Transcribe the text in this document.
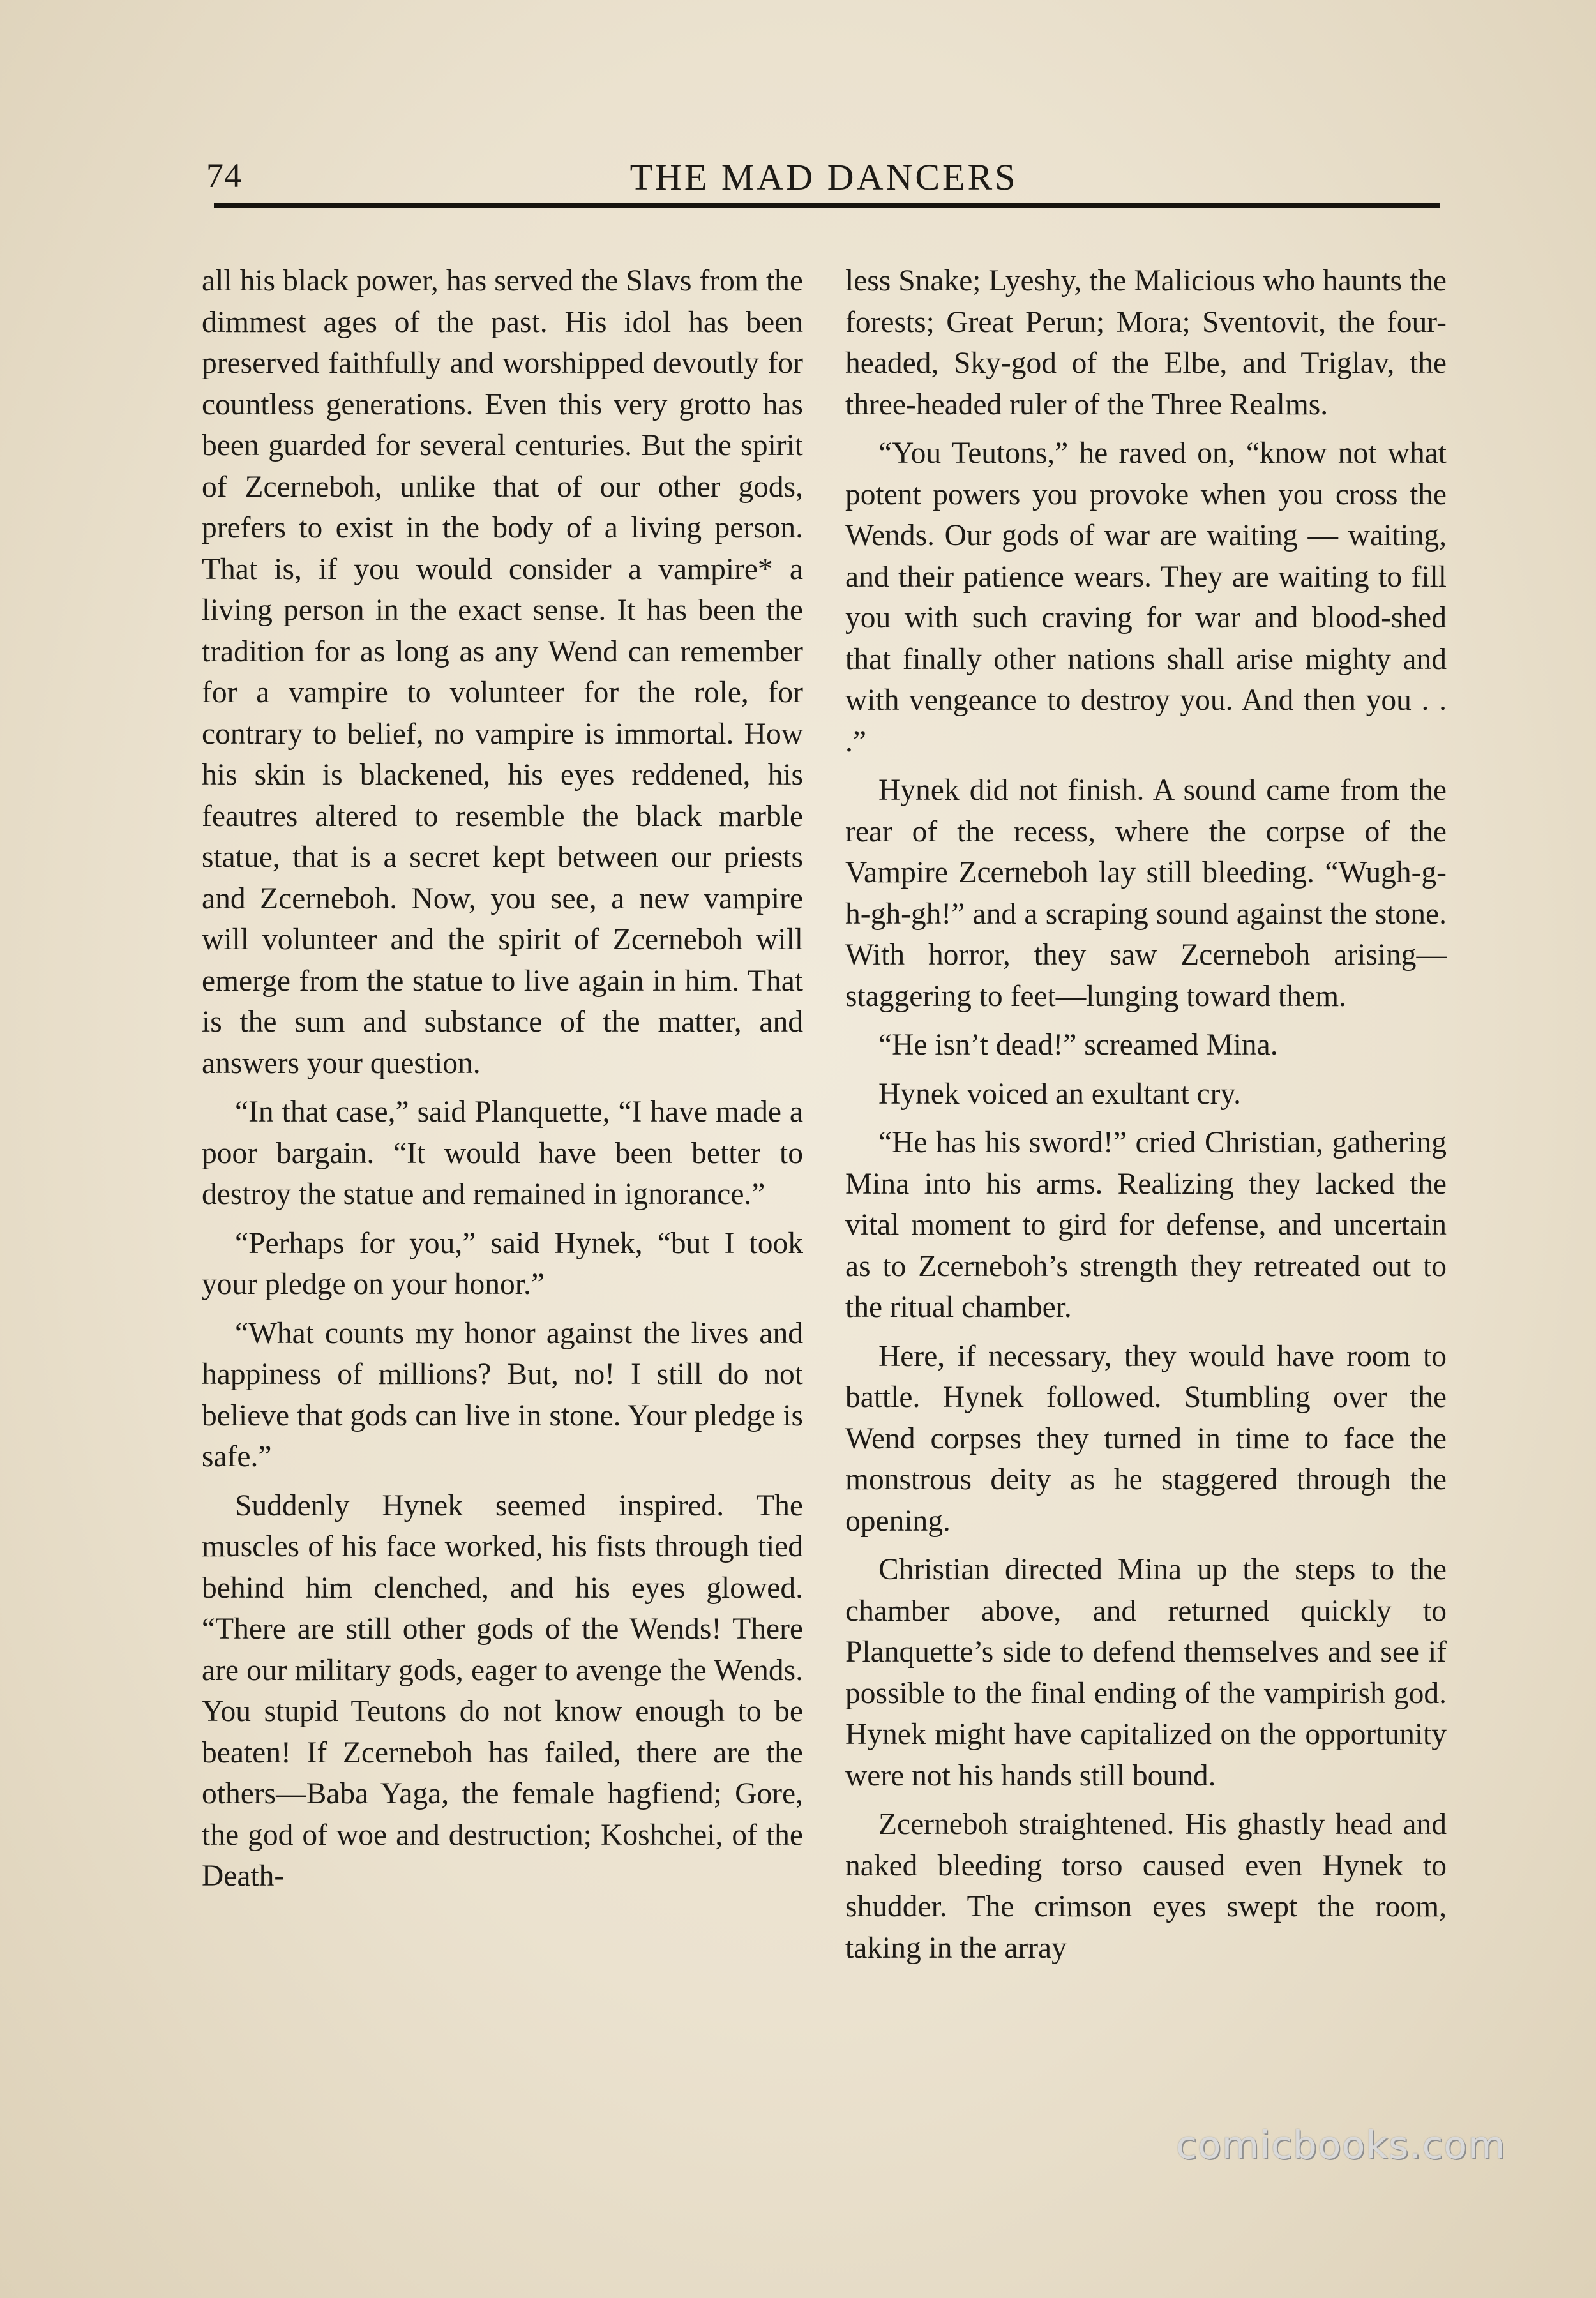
74	THE MAD DANCERS

all his black power, has served the Slavs from the dimmest ages of the past. His idol has been preserved faithfully and worshipped devoutly for countless generations. Even this very grotto has been guarded for several centuries. But the spirit of Zcerneboh, unlike that of our other gods, prefers to exist in the body of a living person. That is, if you would consider a vampire* a living person in the exact sense. It has been the tradition for as long as any Wend can remember for a vampire to volunteer for the role, for contrary to belief, no vampire is immortal. How his skin is blackened, his eyes reddened, his feautres altered to resemble the black marble statue, that is a secret kept between our priests and Zcerneboh. Now, you see, a new vampire will volunteer and the spirit of Zcerneboh will emerge from the statue to live again in him. That is the sum and substance of the matter, and answers your question.

“In that case,” said Planquette, “I have made a poor bargain. “It would have been better to destroy the statue and remained in ignorance.”

“Perhaps for you,” said Hynek, “but I took your pledge on your honor.”

“What counts my honor against the lives and happiness of millions? But, no! I still do not believe that gods can live in stone. Your pledge is safe.”

Suddenly Hynek seemed inspired. The muscles of his face worked, his fists through tied behind him clenched, and his eyes glowed. “There are still other gods of the Wends! There are our military gods, eager to avenge the Wends. You stupid Teutons do not know enough to be beaten! If Zcerneboh has failed, there are the others—Baba Yaga, the female hagfiend; Gore, the god of woe and destruction; Koshchei, of the Death-

less Snake; Lyeshy, the Malicious who haunts the forests; Great Perun; Mora; Sventovit, the four-headed, Sky-god of the Elbe, and Triglav, the three-headed ruler of the Three Realms.

“You Teutons,” he raved on, “know not what potent powers you provoke when you cross the Wends. Our gods of war are waiting — waiting, and their patience wears. They are waiting to fill you with such craving for war and blood-shed that finally other nations shall arise mighty and with vengeance to destroy you. And then you . . .”

Hynek did not finish. A sound came from the rear of the recess, where the corpse of the Vampire Zcerneboh lay still bleeding. “Wugh-g-h-gh-gh!” and a scraping sound against the stone. With horror, they saw Zcerneboh arising—staggering to feet—lunging toward them.

“He isn’t dead!” screamed Mina.

Hynek voiced an exultant cry.

“He has his sword!” cried Christian, gathering Mina into his arms. Realizing they lacked the vital moment to gird for defense, and uncertain as to Zcerneboh’s strength they retreated out to the ritual chamber.

Here, if necessary, they would have room to battle. Hynek followed. Stumbling over the Wend corpses they turned in time to face the monstrous deity as he staggered through the opening.

Christian directed Mina up the steps to the chamber above, and returned quickly to Planquette’s side to defend themselves and see if possible to the final ending of the vampirish god. Hynek might have capitalized on the opportunity were not his hands still bound.

Zcerneboh straightened. His ghastly head and naked bleeding torso caused even Hynek to shudder. The crimson eyes swept the room, taking in the array

comicbooks.com
